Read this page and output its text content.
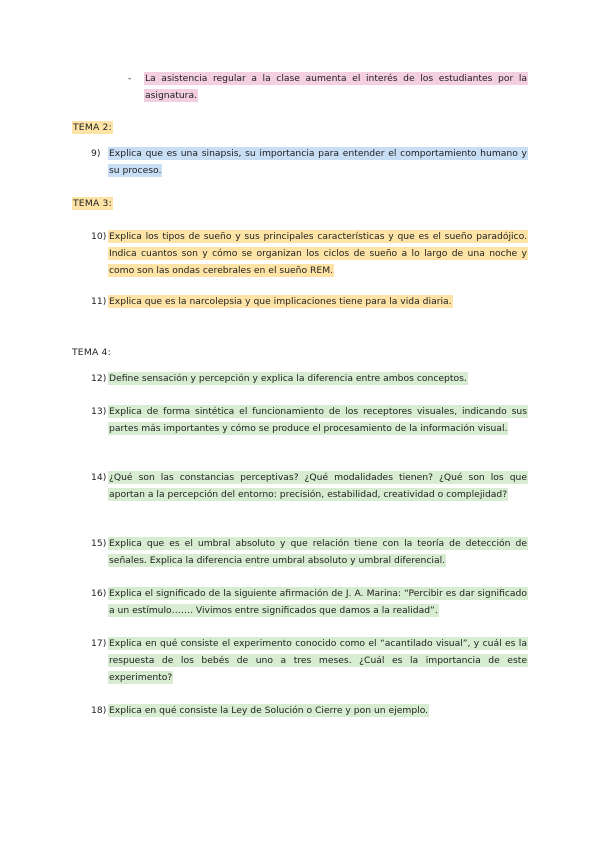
- La asistencia regular a la clase aumenta el interés de los estudiantes por la asignatura.
TEMA 2:
9) Explica que es una sinapsis, su importancia para entender el comportamiento humano y su proceso.
TEMA 3:
10) Explica los tipos de sueño y sus principales características y que es el sueño paradójico. Indica cuantos son y cómo se organizan los ciclos de sueño a lo largo de una noche y como son las ondas cerebrales en el sueño REM.
11) Explica que es la narcolepsia y que implicaciones tiene para la vida diaria.
TEMA 4:
12) Define sensación y percepción y explica la diferencia entre ambos conceptos.
13) Explica de forma sintética el funcionamiento de los receptores visuales, indicando sus partes más importantes y cómo se produce el procesamiento de la información visual.
14) ¿Qué son las constancias perceptivas? ¿Qué modalidades tienen? ¿Qué son los que aportan a la percepción del entorno: precisión, estabilidad, creatividad o complejidad?
15) Explica que es el umbral absoluto y que relación tiene con la teoría de detección de señales. Explica la diferencia entre umbral absoluto y umbral diferencial.
16) Explica el significado de la siguiente afirmación de J. A. Marina: “Percibir es dar significado a un estímulo……. Vivimos entre significados que damos a la realidad”.
17) Explica en qué consiste el experimento conocido como el “acantilado visual”, y cuál es la respuesta de los bebés de uno a tres meses. ¿Cuál es la importancia de este experimento?
18) Explica en qué consiste la Ley de Solución o Cierre y pon un ejemplo.
